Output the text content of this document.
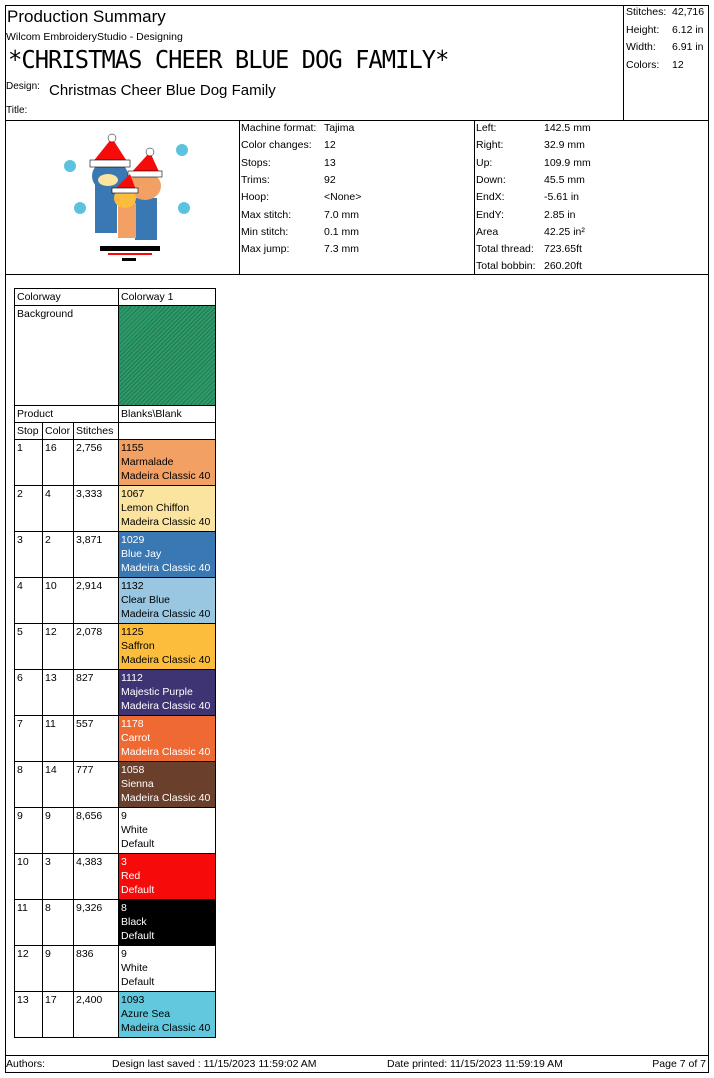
Production Summary
Wilcom EmbroideryStudio - Designing
*CHRISTMAS CHEER BLUE DOG FAMILY*
Design: Christmas Cheer Blue Dog Family
Title:
Stitches: 42,716
Height: 6.12 in
Width: 6.91 in
Colors: 12
Machine format: Tajima
Color changes: 12
Stops:	13
Trims:	92
Hoop:	<None>
Max stitch:	7.0 mm
Min stitch:	0.1 mm
Max jump:	7.3 mm
Left:	142.5 mm
Right:	32.9 mm
Up:	109.9 mm
Down:	45.5 mm
EndX:	-5.61 in
EndY:	2.85 in
Area	42.25 in²
Total thread: 723.65ft
Total bobbin: 260.20ft
Colorway			Colorway 1
Background			
Product			Blanks\Blank
Stop	Color	Stitches	
1	16	2,756	1155
Marmalade
Madeira Classic 40

2	4	3,333	1067
Lemon Chiffon
Madeira Classic 40

3	2	3,871	1029
Blue Jay
Madeira Classic 40

4	10	2,914	1132
Clear Blue
Madeira Classic 40

5	12	2,078	1125
Saffron
Madeira Classic 40

6	13	827	1112
Majestic Purple
Madeira Classic 40

7	11	557	1178
Carrot
Madeira Classic 40

8	14	777	1058
Sienna
Madeira Classic 40

9	9	8,656	9
White
Default

10	3	4,383	3
Red
Default

11	8	9,326	8
Black
Default

12	9	836	9
White
Default

13	17	2,400	1093
Azure Sea
Madeira Classic 40
Authors:	Design last saved : 11/15/2023 11:59:02 AM	Date printed: 11/15/2023 11:59:19 AM	Page 7 of 7
